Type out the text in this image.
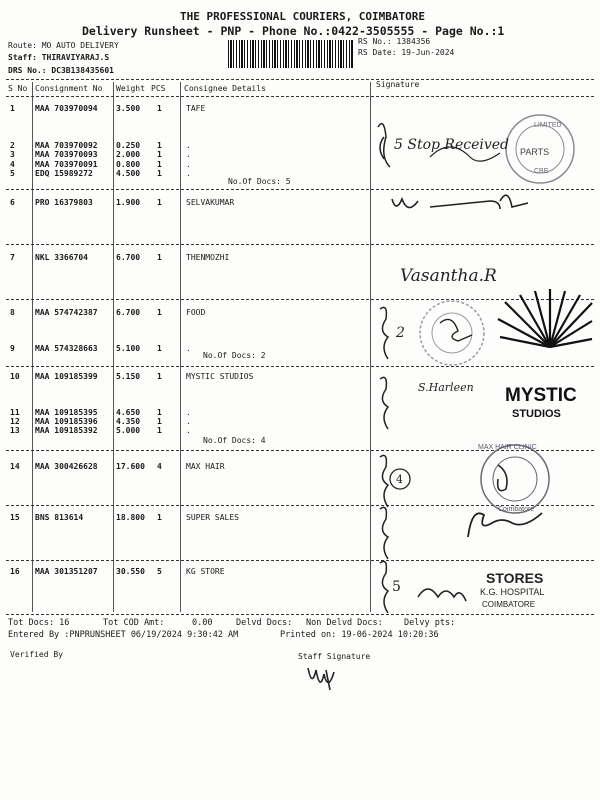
THE PROFESSIONAL COURIERS, COIMBATORE
Delivery Runsheet - PNP - Phone No.:0422-3505555 - Page No.:1
Route: MO AUTO DELIVERY
Staff: THIRAVIYARAJ.S
DRS No.: DC3B138435601
RS No.: 1384356
RS Date: 19-Jun-2024
S No Consignment No Weight PCS Consignee Details	Signature
1	MAA 703970094 3.500 1	TAFE
2	MAA 703970092 0.250 1	.
3	MAA 703970093 2.000 1	.
4	MAA 703970091 0.800 1	.
5	EDQ 15989272	4.500 1	.
6	PRO 16379803	1.900 1	SELVAKUMAR
7	NKL 3366704	6.700 1	THENMOZHI
8	MAA 574742387 6.700 1	FOOD
9	MAA 574328663 5.100 1	.
10 MAA 109185399 5.150 1	MYSTIC STUDIOS
11 MAA 109185395 4.650 1	.
12 MAA 109185396 4.350 1	.
13 MAA 109185392 5.000 1	.
14 MAA 300426628 17.600 4	MAX HAIR
15 BNS 813614	18.800 1	SUPER SALES
16 MAA 301351207 30.550 5	KG STORE
No.Of Docs: 5
No.Of Docs: 2
No.Of Docs: 4
LIMITED
PARTS
CBE
5 Stop Received
Vasantha.R
2
S.Harleen MYSTIC
STUDIOS
MAX HAIR CLINIC
Coimbatore
4
5
STORES
K.G. HOSPITAL
COIMBATORE
Tot Docs: 16	Tot COD Amt:	0.00	Delvd Docs: Non Delvd Docs: Delvy pts:
Entered By :PNPRUNSHEET 06/19/2024 9:30:42 AM	Printed on: 19-06-2024 10:20:36
Verified By	Staff Signature
